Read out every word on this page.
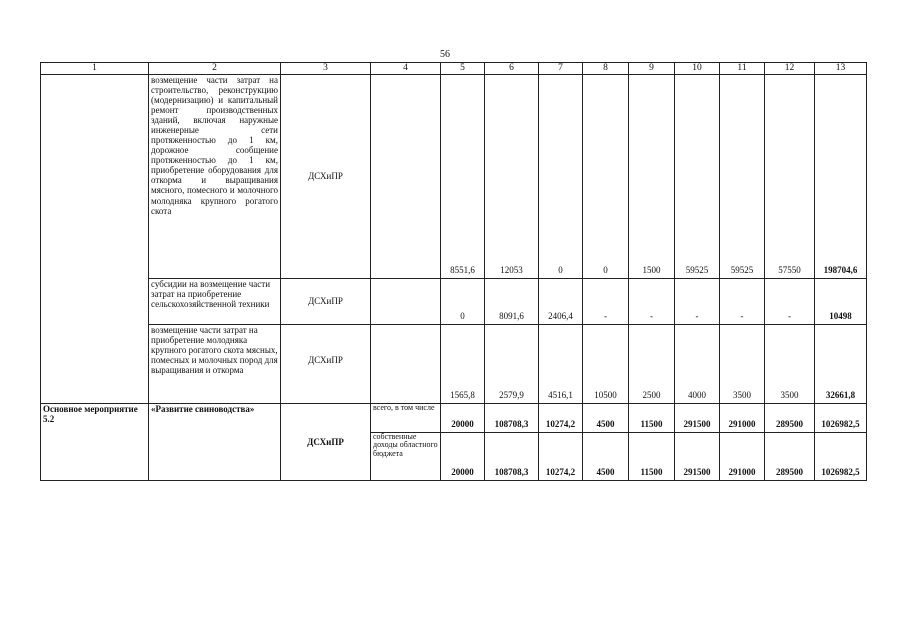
56
1	2	3	4	5	6	7	8	9	10	11	12	13
	возмещение части затрат на строительство, реконструкцию (модернизацию) и капитальный ремонт производственных зданий, включая наружные инженерные сети протяженностью до 1 км, дорожное сообщение протяженностью до 1 км, приобретение оборудования для откорма и выращивания мясного, помесного и молочного молодняка крупного рогатого скота	ДСХиПР		8551,6	12053	0	0	1500	59525	59525	57550	198704,6
	субсидии на возмещение части затрат на приобретение сельскохозяйственной техники	ДСХиПР		0	8091,6	2406,4	-	-	-	-	-	10498
	возмещение части затрат на приобретение молодняка крупного рогатого скота мясных, помесных и молочных пород для выращивания и откорма	ДСХиПР		1565,8	2579,9	4516,1	10500	2500	4000	3500	3500	32661,8
Основное мероприятие 5.2	«Развитие свиноводства»	ДСХиПР	всего, в том числе	20000	108708,3	10274,2	4500	11500	291500	291000	289500	1026982,5
			собственные доходы областного бюджета	20000	108708,3	10274,2	4500	11500	291500	291000	289500	1026982,5
